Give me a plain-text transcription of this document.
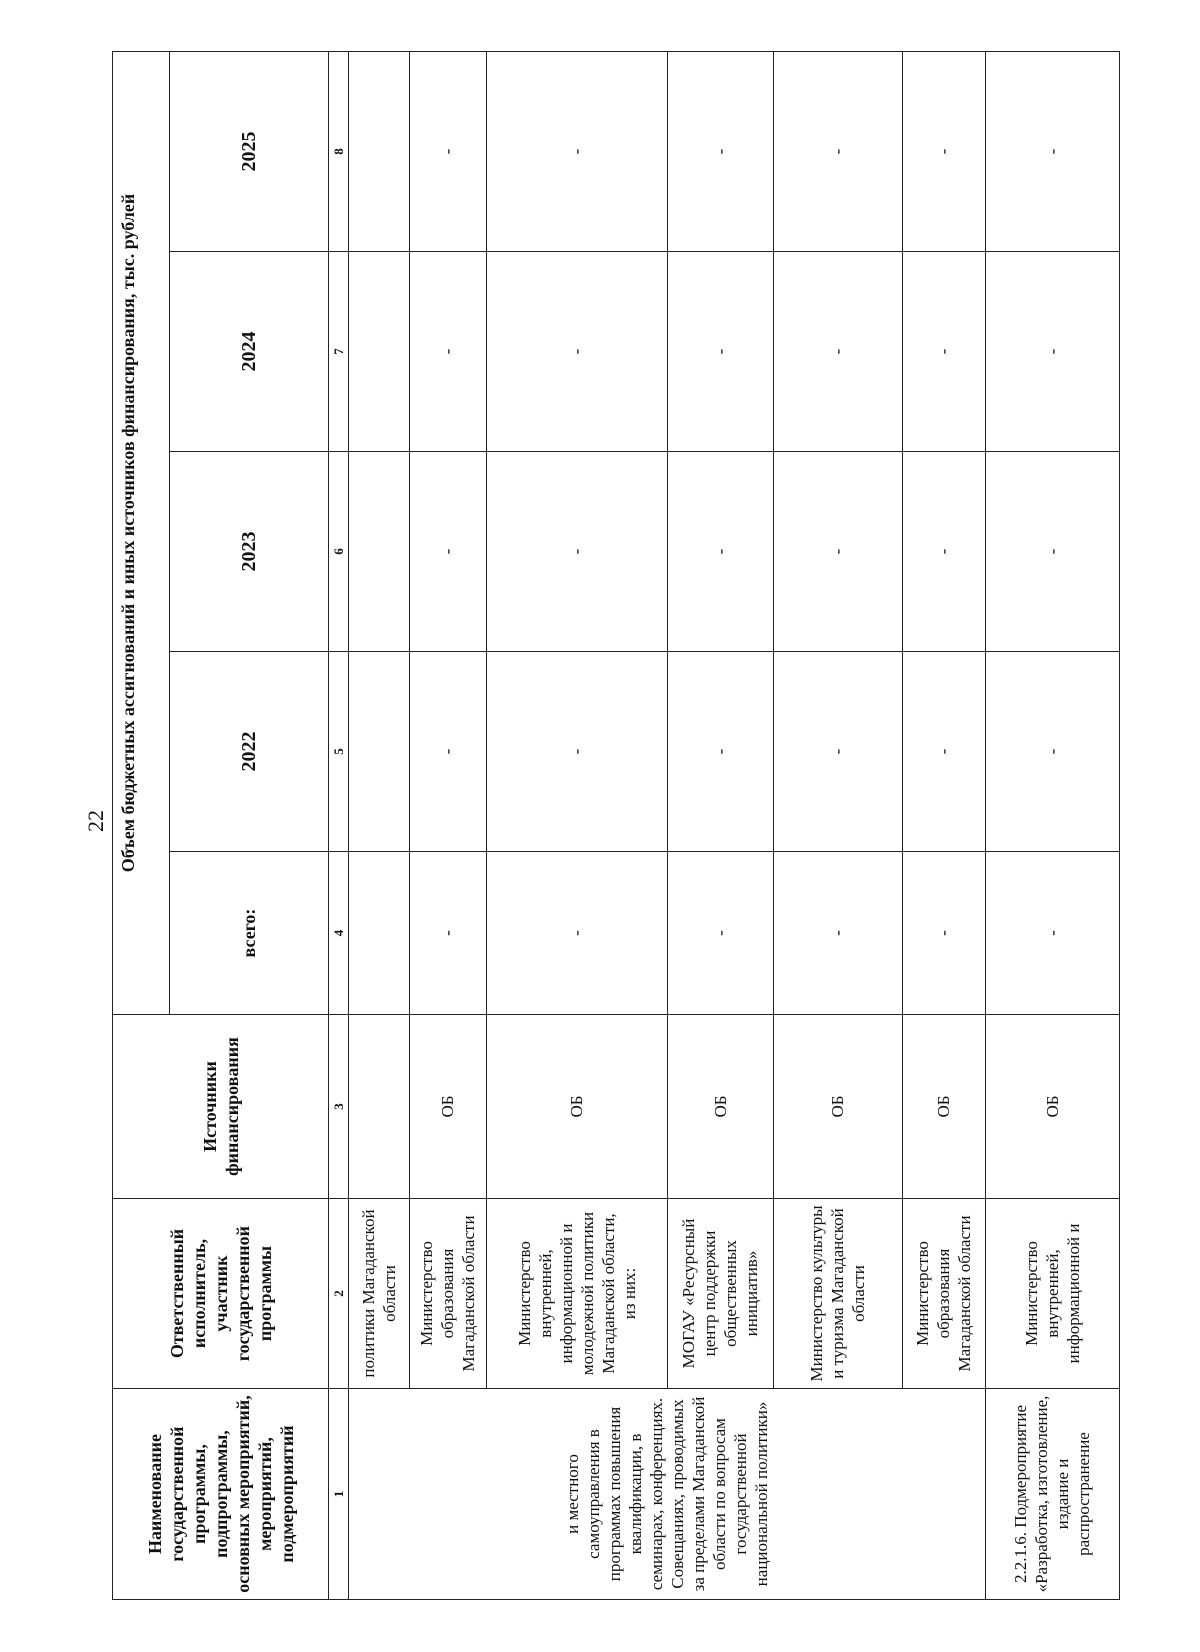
22
Наименование государственной программы, подпрограммы, основных мероприятий, мероприятий, подмероприятий	Ответственный исполнитель, участник государственной программы	Источники финансирования	Объем бюджетных ассигнований и иных источников финансирования, тыс. рублей				
			всего:	2022	2023	2024	2025
1	2	3	4	5	6	7	8
и местного самоуправления в программах повышения квалификации, в семинарах, конференциях. Совещаниях, проводимых за пределами Магаданской области по вопросам государственной национальной политики»	политики Магаданской области						
	Министерство образования Магаданской области	ОБ	-	-	-	-	-
	Министерство внутренней, информационной и молодежной политики Магаданской области, из них:	ОБ	-	-	-	-	-
	МОГАУ «Ресурсный центр поддержки общественных инициатив»	ОБ	-	-	-	-	-
	Министерство культуры и туризма Магаданской области	ОБ	-	-	-	-	-
	Министерство образования Магаданской области	ОБ	-	-	-	-	-
2.2.1.6. Подмероприятие «Разработка, изготовление, издание и распространение	Министерство внутренней, информационной и	ОБ	-	-	-	-	-
